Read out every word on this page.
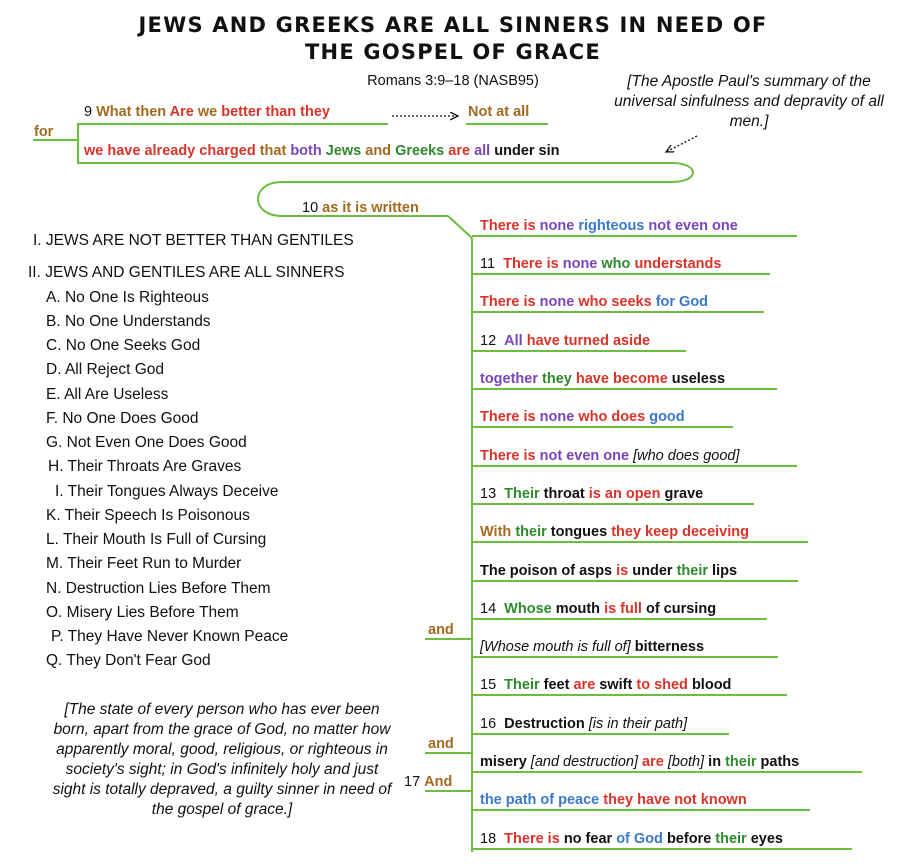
JEWS AND GREEKS ARE ALL SINNERS IN NEED OF
THE GOSPEL OF GRACE
Romans 3:9–18 (NASB95)	[The Apostle Paul's summary of the universal sinfulness and depravity of all men.]
for
9 What then Are we better than they	Not at all
we have already charged that both Jews and Greeks are all under sin
10 as it is written
There is none righteous not even one
11 There is none who understands
There is none who seeks for God
12 All have turned aside
together they have become useless
There is none who does good
There is not even one [who does good]
13 Their throat is an open grave
With their tongues they keep deceiving
The poison of asps is under their lips
14 Whose mouth is full of cursing
[Whose mouth is full of] bitterness
15 Their feet are swift to shed blood
16 Destruction [is in their path]
misery [and destruction] are [both] in their paths
the path of peace they have not known
18 There is no fear of God before their eyes
and
and
17 And
I. JEWS ARE NOT BETTER THAN GENTILES
II. JEWS AND GENTILES ARE ALL SINNERS
A. No One Is Righteous
B. No One Understands
C. No One Seeks God
D. All Reject God
E. All Are Useless
F. No One Does Good
G. Not Even One Does Good
H. Their Throats Are Graves
I. Their Tongues Always Deceive
K. Their Speech Is Poisonous
L. Their Mouth Is Full of Cursing
M. Their Feet Run to Murder
N. Destruction Lies Before Them
O. Misery Lies Before Them
P. They Have Never Known Peace
Q. They Don't Fear God
[The state of every person who has ever been born, apart from the grace of God, no matter how apparently moral, good, religious, or righteous in society's sight; in God's infinitely holy and just sight is totally depraved, a guilty sinner in need of the gospel of grace.]
